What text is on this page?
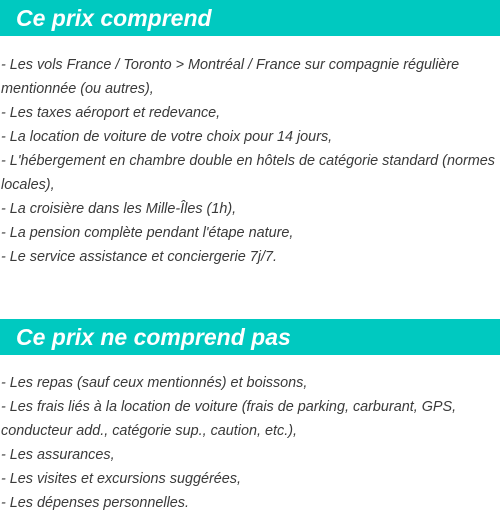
Ce prix comprend
- Les vols France / Toronto > Montréal / France sur compagnie régulière mentionnée (ou autres),
- Les taxes aéroport et redevance,
- La location de voiture de votre choix pour 14 jours,
- L'hébergement en chambre double en hôtels de catégorie standard (normes locales),
- La croisière dans les Mille-Îles (1h),
- La pension complète pendant l'étape nature,
- Le service assistance et conciergerie 7j/7.
Ce prix ne comprend pas
- Les repas (sauf ceux mentionnés) et boissons,
- Les frais liés à la location de voiture (frais de parking, carburant, GPS, conducteur add., catégorie sup., caution, etc.),
- Les assurances,
- Les visites et excursions suggérées,
- Les dépenses personnelles.
